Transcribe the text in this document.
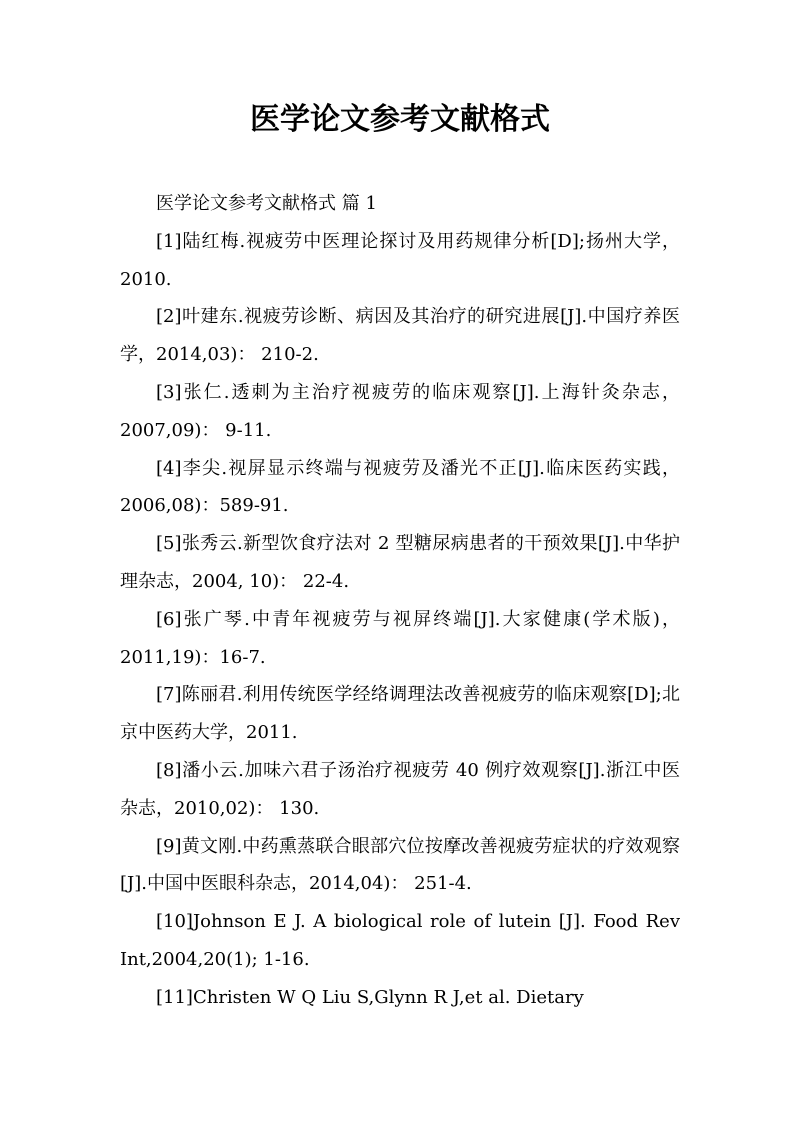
医学论文参考文献格式

医学论文参考文献格式 篇 1

[1]陆红梅.视疲劳中医理论探讨及用药规律分析[D];扬州大学，2010.

[2]叶建东.视疲劳诊断、病因及其治疗的研究进展[J].中国疗养医学，2014,03)： 210-2.

[3]张仁.透刺为主治疗视疲劳的临床观察[J].上海针灸杂志，2007,09)： 9-11.

[4]李尖.视屏显示终端与视疲劳及潘光不正[J].临床医药实践，2006,08)：589-91.

[5]张秀云.新型饮食疗法对 2 型糖尿病患者的干预效果[J].中华护理杂志，2004, 10)： 22-4.

[6]张广琴.中青年视疲劳与视屏终端[J].大家健康(学术版)，2011,19)：16-7.

[7]陈丽君.利用传统医学经络调理法改善视疲劳的临床观察[D];北京中医药大学，2011.

[8]潘小云.加味六君子汤治疗视疲劳 40 例疗效观察[J].浙江中医杂志，2010,02)： 130.

[9]黄文刚.中药熏蒸联合眼部穴位按摩改善视疲劳症状的疗效观察[J].中国中医眼科杂志，2014,04)： 251-4.

[10]Johnson E J. A biological role of lutein [J]. Food Rev Int,2004,20(1); 1-16.

[11]Christen W Q Liu S,Glynn R J,et al. Dietary
